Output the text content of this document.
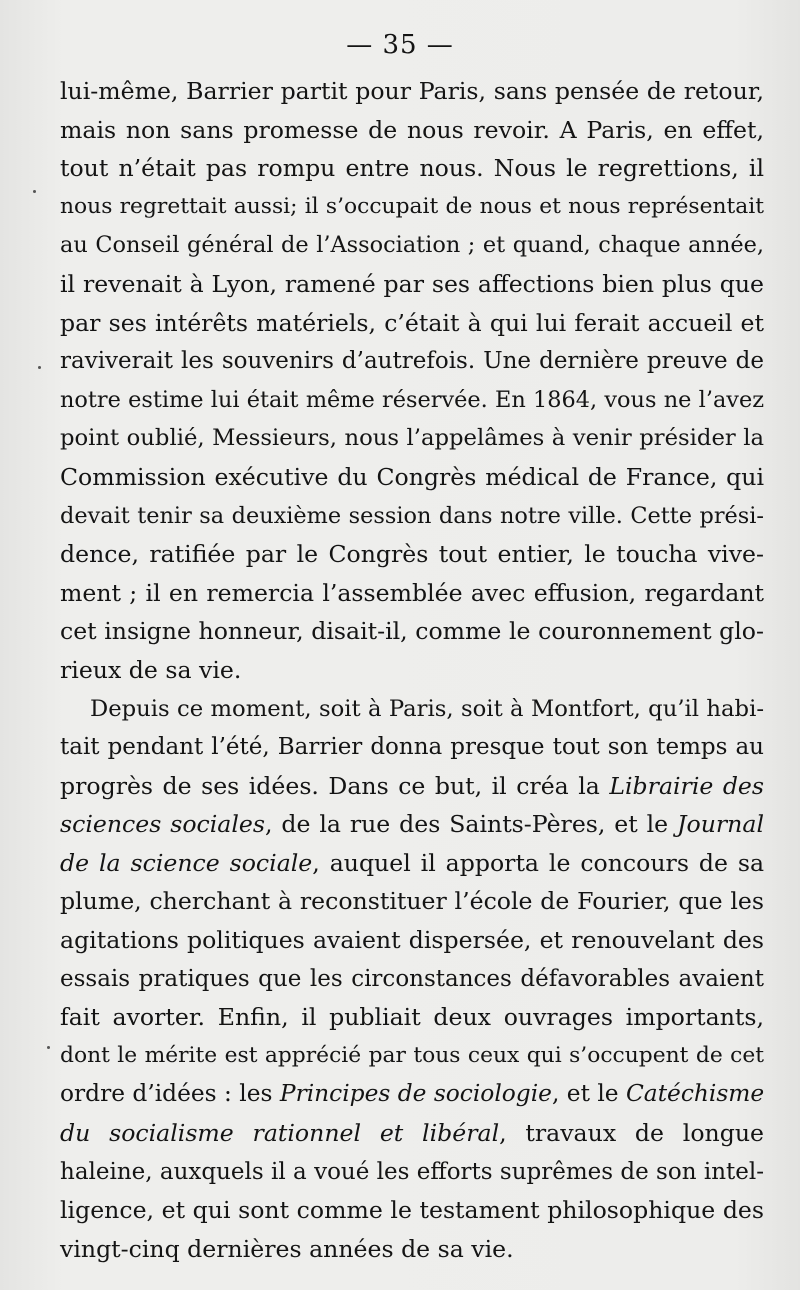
— 35 —
lui-même, Barrier partit pour Paris, sans pensée de retour,
mais non sans promesse de nous revoir. A Paris, en effet,
tout n’était pas rompu entre nous. Nous le regrettions, il
nous regrettait aussi; il s’occupait de nous et nous représentait
au Conseil général de l’Association ; et quand, chaque année,
il revenait à Lyon, ramené par ses affections bien plus que
par ses intérêts matériels, c’était à qui lui ferait accueil et
raviverait les souvenirs d’autrefois. Une dernière preuve de
notre estime lui était même réservée. En 1864, vous ne l’avez
point oublié, Messieurs, nous l’appelâmes à venir présider la
Commission exécutive du Congrès médical de France, qui
devait tenir sa deuxième session dans notre ville. Cette prési-
dence, ratifiée par le Congrès tout entier, le toucha vive-
ment ; il en remercia l’assemblée avec effusion, regardant
cet insigne honneur, disait-il, comme le couronnement glo-
rieux de sa vie.
Depuis ce moment, soit à Paris, soit à Montfort, qu’il habi-
tait pendant l’été, Barrier donna presque tout son temps au
progrès de ses idées. Dans ce but, il créa la Librairie des
sciences sociales, de la rue des Saints-Pères, et le Journal
de la science sociale, auquel il apporta le concours de sa
plume, cherchant à reconstituer l’école de Fourier, que les
agitations politiques avaient dispersée, et renouvelant des
essais pratiques que les circonstances défavorables avaient
fait avorter. Enfin, il publiait deux ouvrages importants,
dont le mérite est apprécié par tous ceux qui s’occupent de cet
ordre d’idées : les Principes de sociologie, et le Catéchisme
du socialisme rationnel et libéral, travaux de longue
haleine, auxquels il a voué les efforts suprêmes de son intel-
ligence, et qui sont comme le testament philosophique des
vingt-cinq dernières années de sa vie.
